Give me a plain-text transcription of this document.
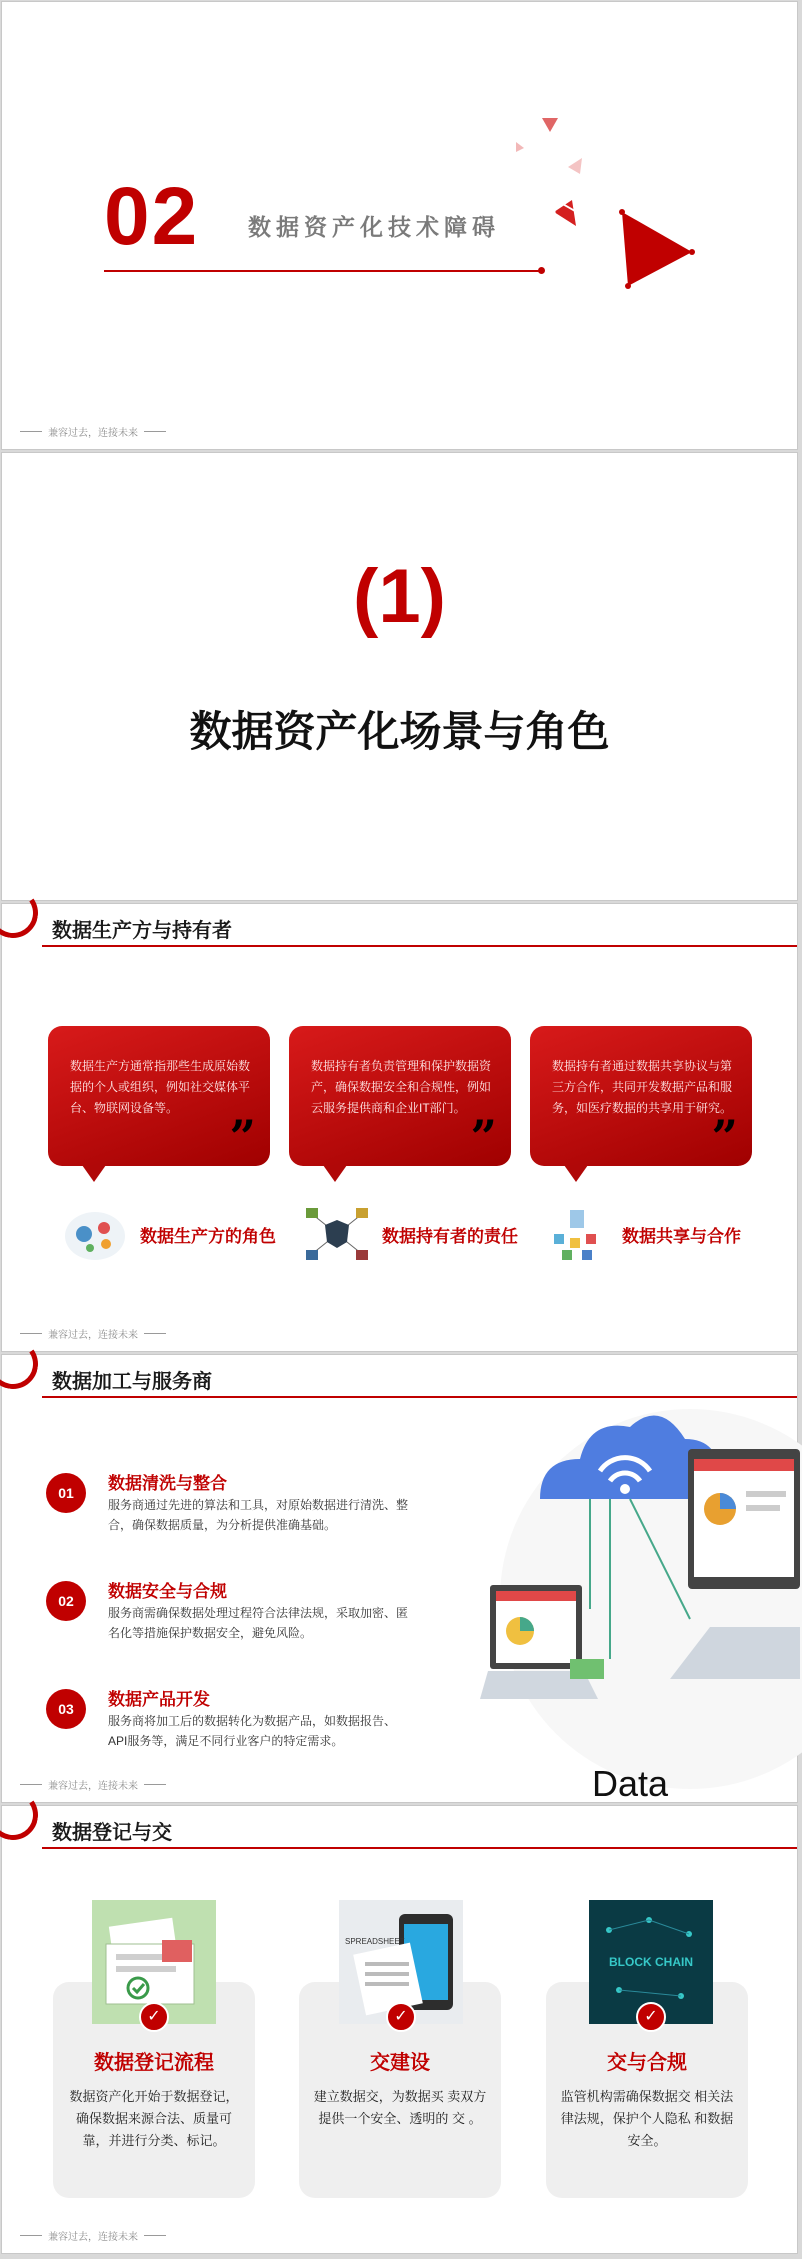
02 数据资产化技术障碍
兼容过去，连接未来
(1)
数据资产化场景与角色
数据生产方与持有者
数据生产方通常指那些生成原始数据的个人或组织，例如社交媒体平台、物联网设备等。
”
数据持有者负责管理和保护数据资产，确保数据安全和合规性，例如云服务提供商和企业IT部门。
”
数据持有者通过数据共享协议与第三方合作，共同开发数据产品和服务，如医疗数据的共享用于研究。
”
数据生产方的角色	数据持有者的责任	数据共享与合作
兼容过去，连接未来
数据加工与服务商
01	数据清洗与整合
服务商通过先进的算法和工具，对原始数据进行清洗、整合，确保数据质量，为分析提供准确基础。
02	数据安全与合规
服务商需确保数据处理过程符合法律法规，采取加密、匿名化等措施保护数据安全，避免风险。
03	数据产品开发
服务商将加工后的数据转化为数据产品，如数据报告、API服务等，满足不同行业客户的特定需求。
Data
兼容过去，连接未来
数据登记与交
数据登记流程
数据资产化开始于数据登记，确保数据来源合法、质量可靠，并进行分类、标记。
交建设
建立数据交，为数据买 卖双方提供一个安全、透明的 交 。
交与合规
监管机构需确保数据交 相关法律法规，保护个人隐私 和数据安全。
SPREADSHEET
BLOCK CHAIN
✓	✓	✓
兼容过去，连接未来
